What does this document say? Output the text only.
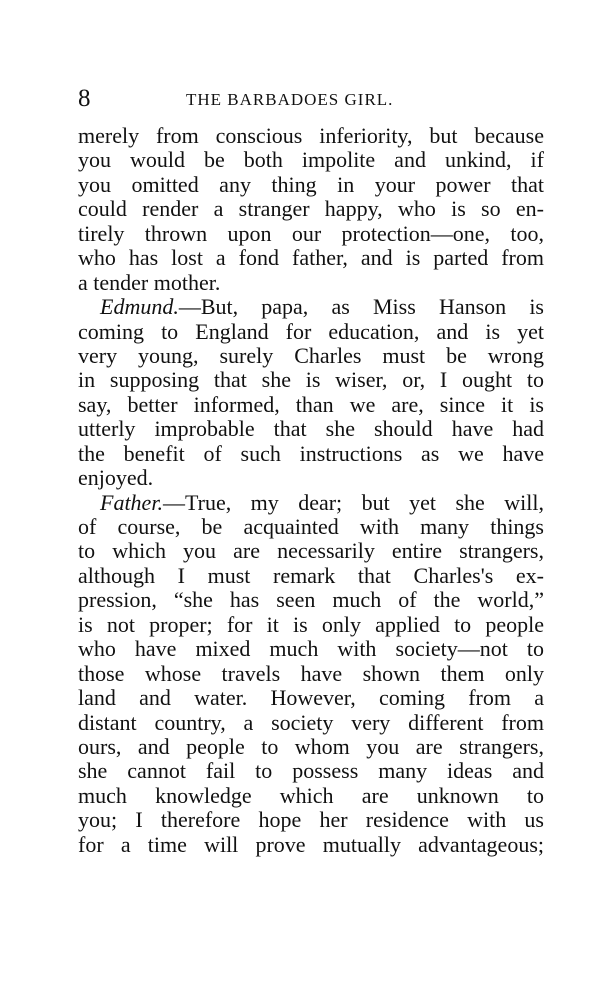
8	THE BARBADOES GIRL.
merely from conscious inferiority, but because
you would be both impolite and unkind, if
you omitted any thing in your power that
could render a stranger happy, who is so en-
tirely thrown upon our protection—one, too,
who has lost a fond father, and is parted from
a tender mother.
Edmund.—But, papa, as Miss Hanson is
coming to England for education, and is yet
very young, surely Charles must be wrong
in supposing that she is wiser, or, I ought to
say, better informed, than we are, since it is
utterly improbable that she should have had
the benefit of such instructions as we have
enjoyed.
Father.—True, my dear; but yet she will,
of course, be acquainted with many things
to which you are necessarily entire strangers,
although I must remark that Charles's ex-
pression, “she has seen much of the world,”
is not proper; for it is only applied to people
who have mixed much with society—not to
those whose travels have shown them only
land and water. However, coming from a
distant country, a society very different from
ours, and people to whom you are strangers,
she cannot fail to possess many ideas and
much knowledge which are unknown to
you; I therefore hope her residence with us
for a time will prove mutually advantageous;
